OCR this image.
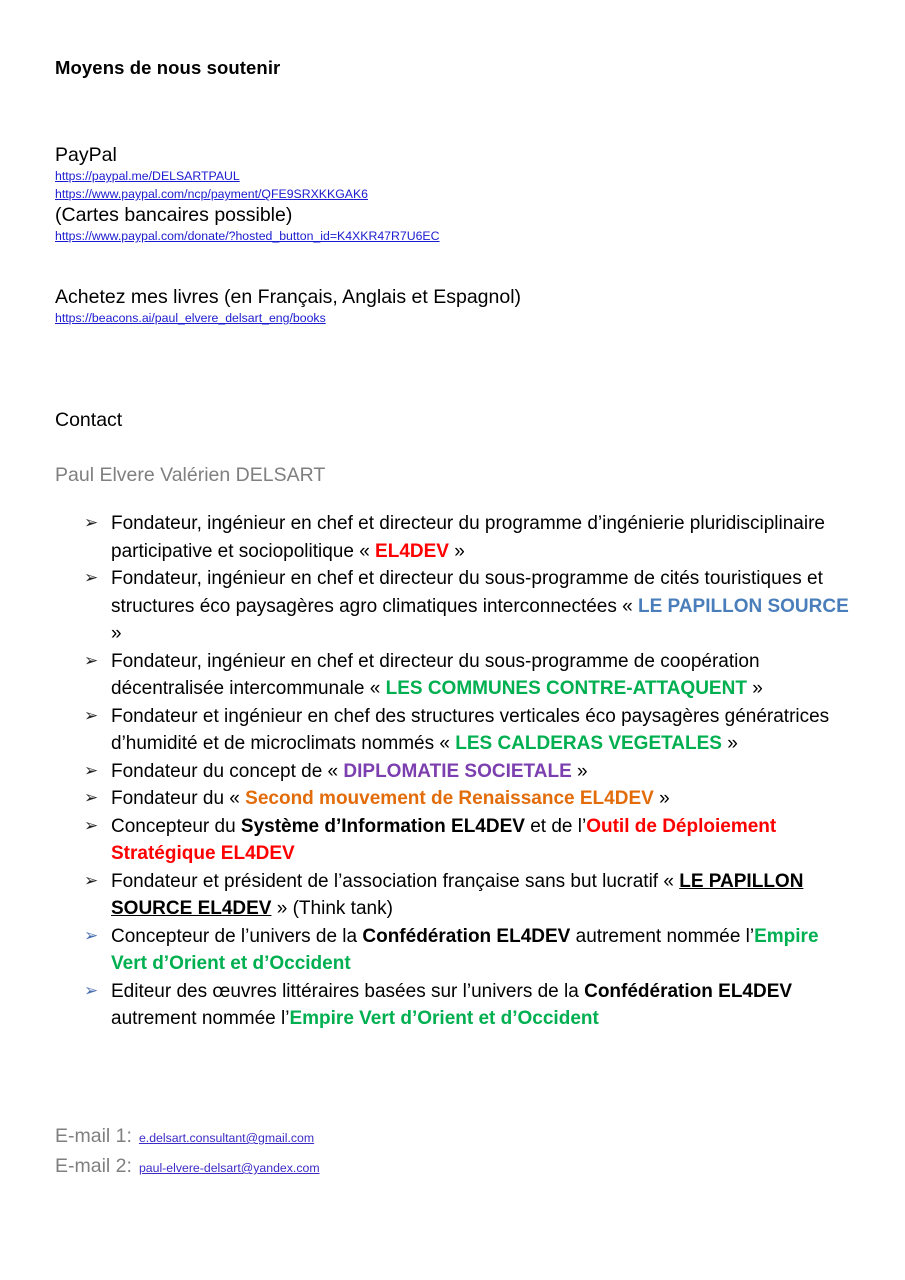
Moyens de nous soutenir
PayPal
https://paypal.me/DELSARTPAUL
https://www.paypal.com/ncp/payment/QFE9SRXKKGAK6
(Cartes bancaires possible)
https://www.paypal.com/donate/?hosted_button_id=K4XKR47R7U6EC
Achetez mes livres (en Français, Anglais et Espagnol)
https://beacons.ai/paul_elvere_delsart_eng/books
Contact
Paul Elvere Valérien DELSART
➢ Fondateur, ingénieur en chef et directeur du programme d’ingénierie pluridisciplinaire participative et sociopolitique « EL4DEV »
➢ Fondateur, ingénieur en chef et directeur du sous-programme de cités touristiques et structures éco paysagères agro climatiques interconnectées « LE PAPILLON SOURCE »
➢ Fondateur, ingénieur en chef et directeur du sous-programme de coopération décentralisée intercommunale « LES COMMUNES CONTRE-ATTAQUENT »
➢ Fondateur et ingénieur en chef des structures verticales éco paysagères génératrices d’humidité et de microclimats nommés « LES CALDERAS VEGETALES »
➢ Fondateur du concept de « DIPLOMATIE SOCIETALE »
➢ Fondateur du « Second mouvement de Renaissance EL4DEV »
➢ Concepteur du Système d’Information EL4DEV et de l’Outil de Déploiement Stratégique EL4DEV
➢ Fondateur et président de l’association française sans but lucratif « LE PAPILLON SOURCE EL4DEV » (Think tank)
➢ Concepteur de l’univers de la Confédération EL4DEV autrement nommée l’Empire Vert d’Orient et d’Occident
➢ Editeur des œuvres littéraires basées sur l’univers de la Confédération EL4DEV autrement nommée l’Empire Vert d’Orient et d’Occident
E-mail 1: e.delsart.consultant@gmail.com
E-mail 2: paul-elvere-delsart@yandex.com
